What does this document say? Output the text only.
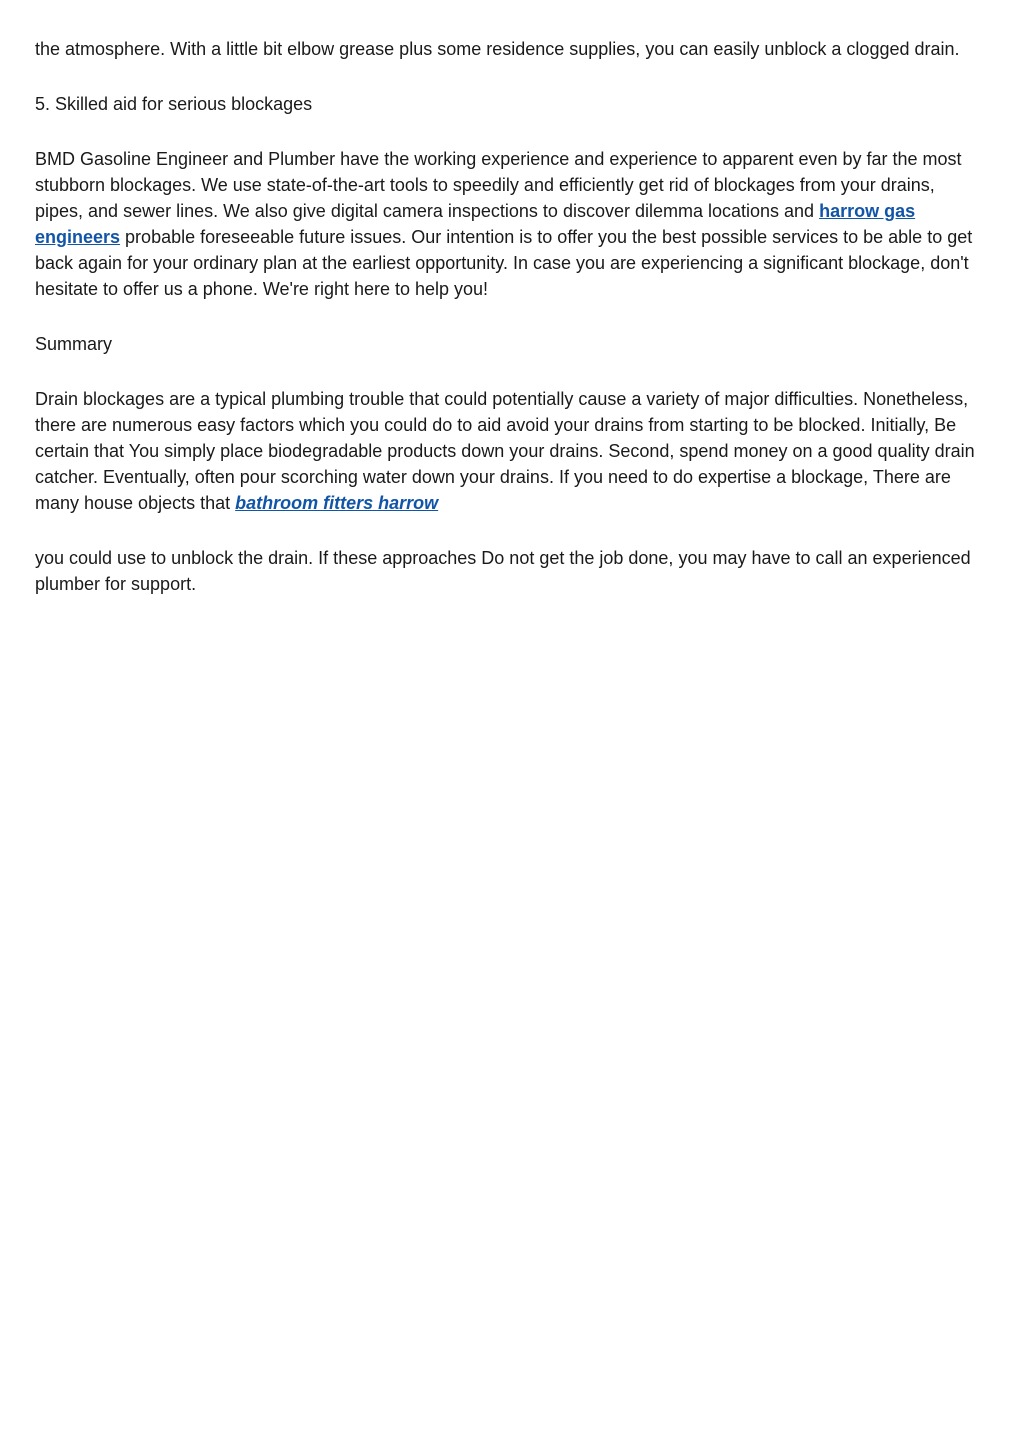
the atmosphere. With a little bit elbow grease plus some residence supplies, you can easily unblock a clogged drain.

5. Skilled aid for serious blockages

BMD Gasoline Engineer and Plumber have the working experience and experience to apparent even by far the most stubborn blockages. We use state-of-the-art tools to speedily and efficiently get rid of blockages from your drains, pipes, and sewer lines. We also give digital camera inspections to discover dilemma locations and harrow gas engineers probable foreseeable future issues. Our intention is to offer you the best possible services to be able to get back again for your ordinary plan at the earliest opportunity. In case you are experiencing a significant blockage, don't hesitate to offer us a phone. We're right here to help you!

Summary

Drain blockages are a typical plumbing trouble that could potentially cause a variety of major difficulties. Nonetheless, there are numerous easy factors which you could do to aid avoid your drains from starting to be blocked. Initially, Be certain that You simply place biodegradable products down your drains. Second, spend money on a good quality drain catcher. Eventually, often pour scorching water down your drains. If you need to do expertise a blockage, There are many house objects that bathroom fitters harrow

you could use to unblock the drain. If these approaches Do not get the job done, you may have to call an experienced plumber for support.
